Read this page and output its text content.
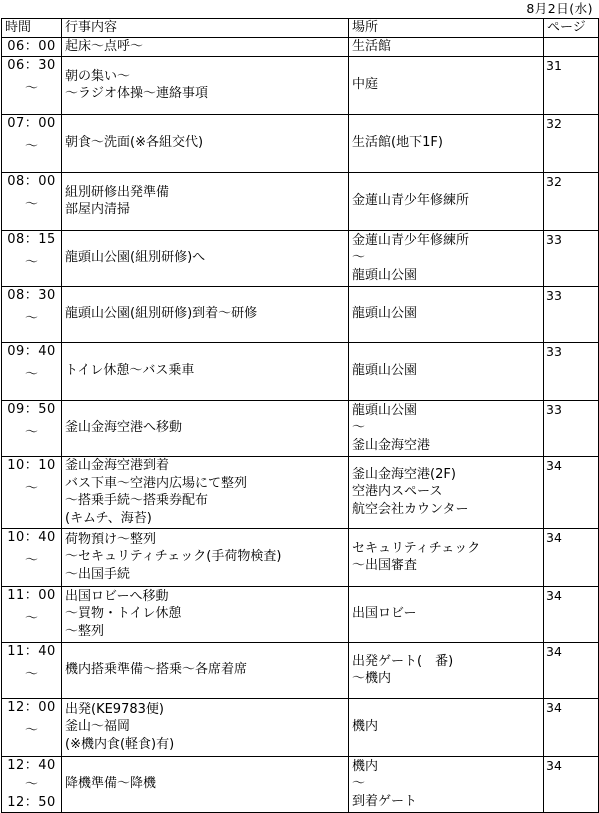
8月2日(水)
時間	行事内容	場所	ページ

06：00	起床～点呼～	生活館	

06：30
～	朝の集い～
～ラジオ体操～連絡事項	中庭	31

07：00
～	朝食～洗面(※各組交代)	生活館(地下1F)	32

08：00
～	組別研修出発準備
部屋内清掃	金蓮山青少年修練所	32

08：15
～	龍頭山公園(組別研修)へ	金蓮山青少年修練所
～
龍頭山公園	33

08：30
～	龍頭山公園(組別研修)到着～研修	龍頭山公園	33

09：40
～	トイレ休憩～バス乗車	龍頭山公園	33

09：50
～	釜山金海空港へ移動	龍頭山公園
～
釜山金海空港	33

10：10
～	釜山金海空港到着
バス下車～空港内広場にて整列
～搭乗手続～搭乗券配布
(キムチ、海苔)	釜山金海空港(2F)
空港内スペース
航空会社カウンター	34

10：40
～	荷物預け～整列
～セキュリティチェック(手荷物検査)
～出国手続	セキュリティチェック
～出国審査	34

11：00
～	出国ロビーへ移動
～買物・トイレ休憩
～整列	出国ロビー	34

11：40
～	機内搭乗準備～搭乗～各席着席	出発ゲート(　番)
～機内	34

12：00
～	出発(KE9783便)
釜山～福岡
(※機内食(軽食)有)	機内	34

12：40
～
12：50	降機準備～降機	機内
～
到着ゲート	34
